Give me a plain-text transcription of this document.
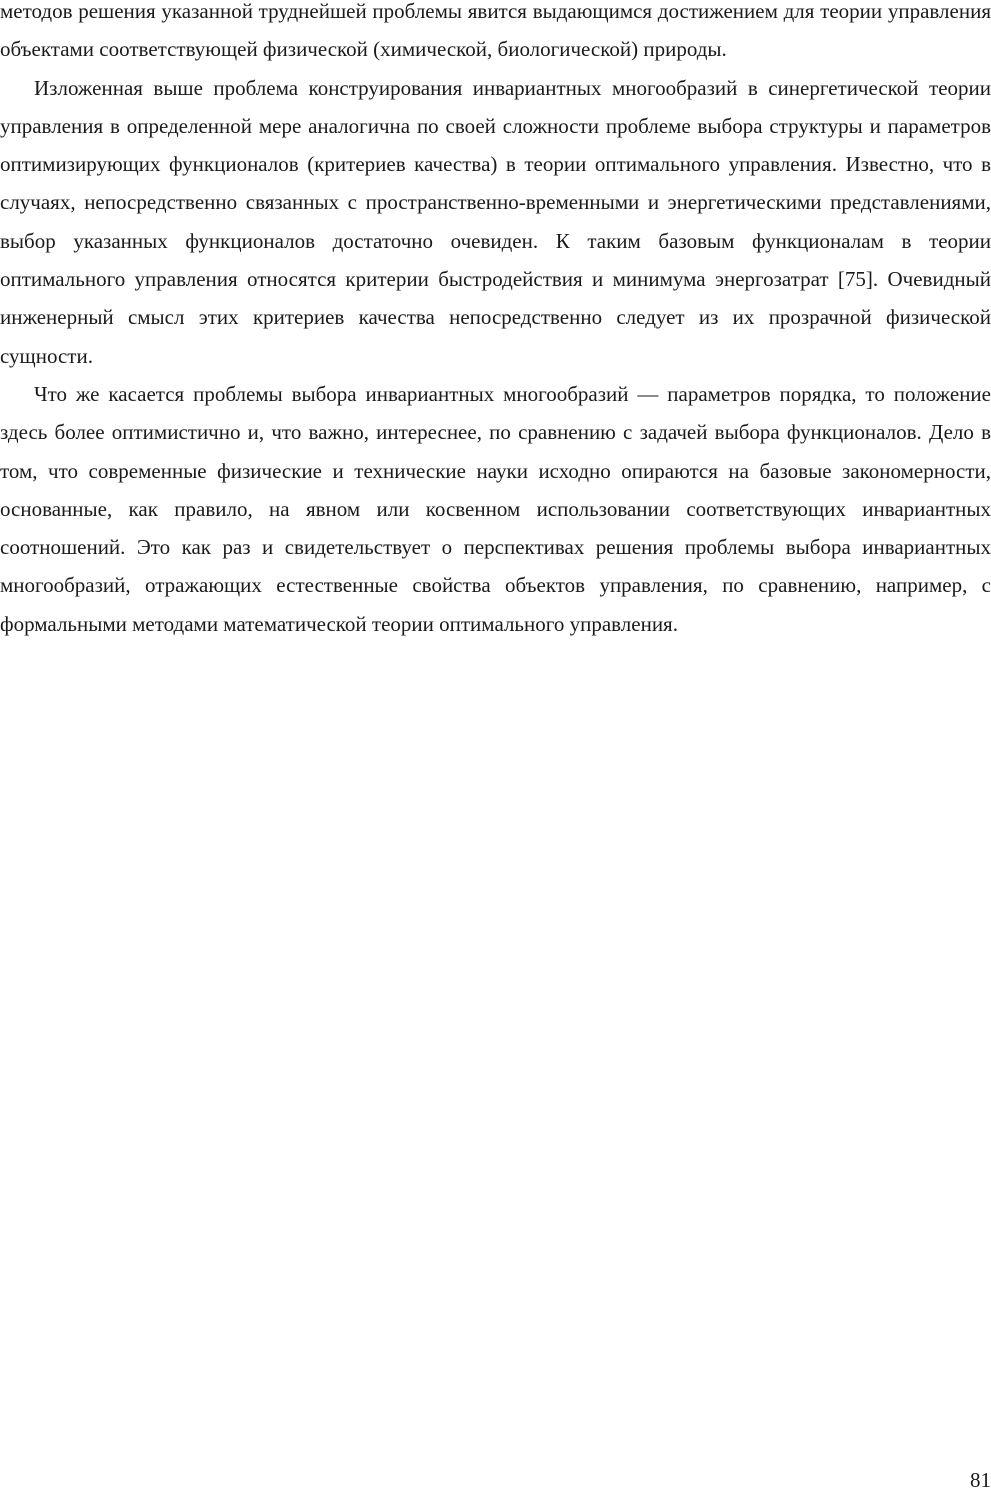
методов решения указанной труднейшей проблемы явится выдающимся достижением для теории управления объектами соответствующей физической (химической, биологической) природы.

Изложенная выше проблема конструирования инвариантных многообразий в синергетической теории управления в определенной мере аналогична по своей сложности проблеме выбора структуры и параметров оптимизирующих функционалов (критериев качества) в теории оптимального управления. Известно, что в случаях, непосредственно связанных с пространственно-временными и энергетическими представлениями, выбор указанных функционалов достаточно очевиден. К таким базовым функционалам в теории оптимального управления относятся критерии быстродействия и минимума энергозатрат [75]. Очевидный инженерный смысл этих критериев качества непосредственно следует из их прозрачной физической сущности.

Что же касается проблемы выбора инвариантных многообразий — параметров порядка, то положение здесь более оптимистично и, что важно, интереснее, по сравнению с задачей выбора функционалов. Дело в том, что современные физические и технические науки исходно опираются на базовые закономерности, основанные, как правило, на явном или косвенном использовании соответствующих инвариантных соотношений. Это как раз и свидетельствует о перспективах решения проблемы выбора инвариантных многообразий, отражающих естественные свойства объектов управления, по сравнению, например, с формальными методами математической теории оптимального управления.

81
